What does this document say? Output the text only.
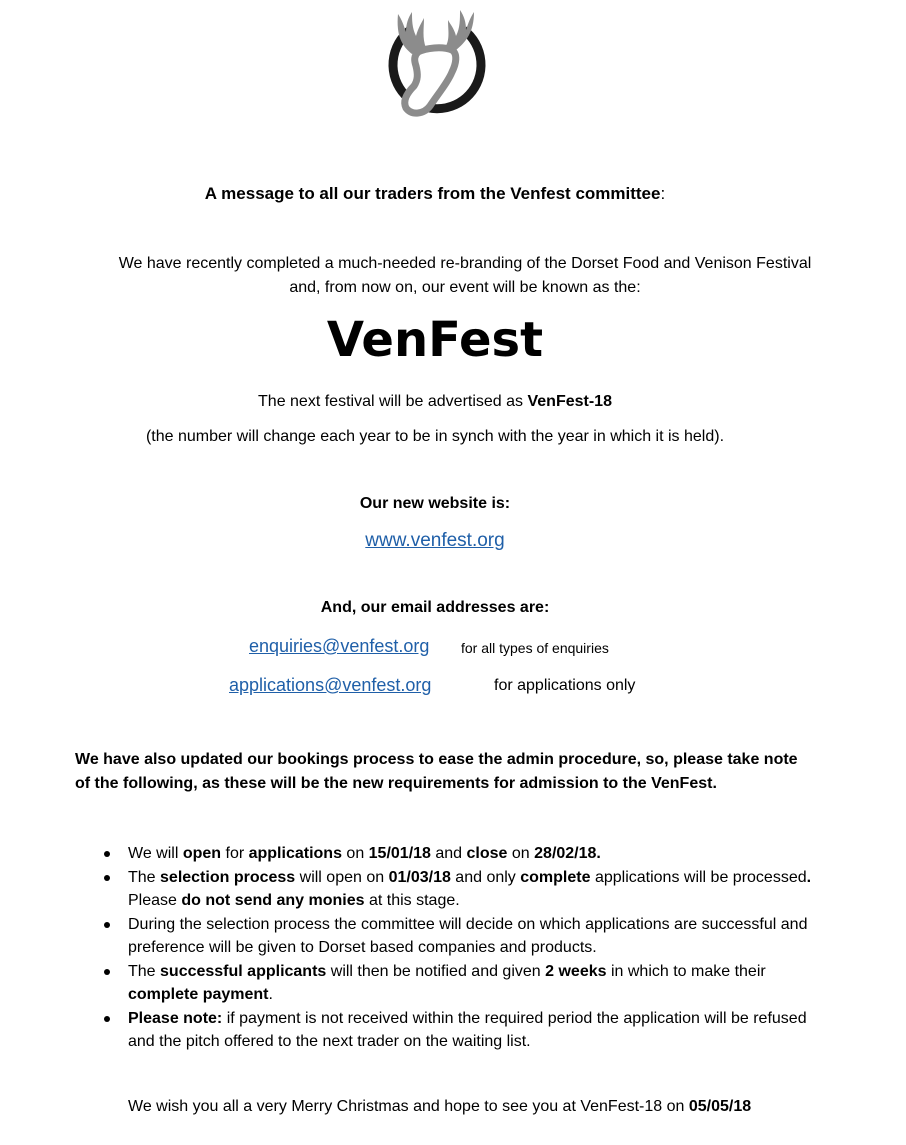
A message to all our traders from the Venfest committee:
We have recently completed a much-needed re-branding of the Dorset Food and Venison Festival
and, from now on, our event will be known as the:
VenFest
The next festival will be advertised as VenFest-18
(the number will change each year to be in synch with the year in which it is held).
Our new website is:
www.venfest.org
And, our email addresses are:
enquiries@venfest.org for all types of enquiries
applications@venfest.org	for applications only
We have also updated our bookings process to ease the admin procedure, so, please take note of the following, as these will be the new requirements for admission to the VenFest.
We will open for applications on 15/01/18 and close on 28/02/18.
The selection process will open on 01/03/18 and only complete applications will be processed. Please do not send any monies at this stage.
During the selection process the committee will decide on which applications are successful and preference will be given to Dorset based companies and products.
The successful applicants will then be notified and given 2 weeks in which to make their complete payment.
Please note: if payment is not received within the required period the application will be refused and the pitch offered to the next trader on the waiting list.
We wish you all a very Merry Christmas and hope to see you at VenFest-18 on 05/05/18
